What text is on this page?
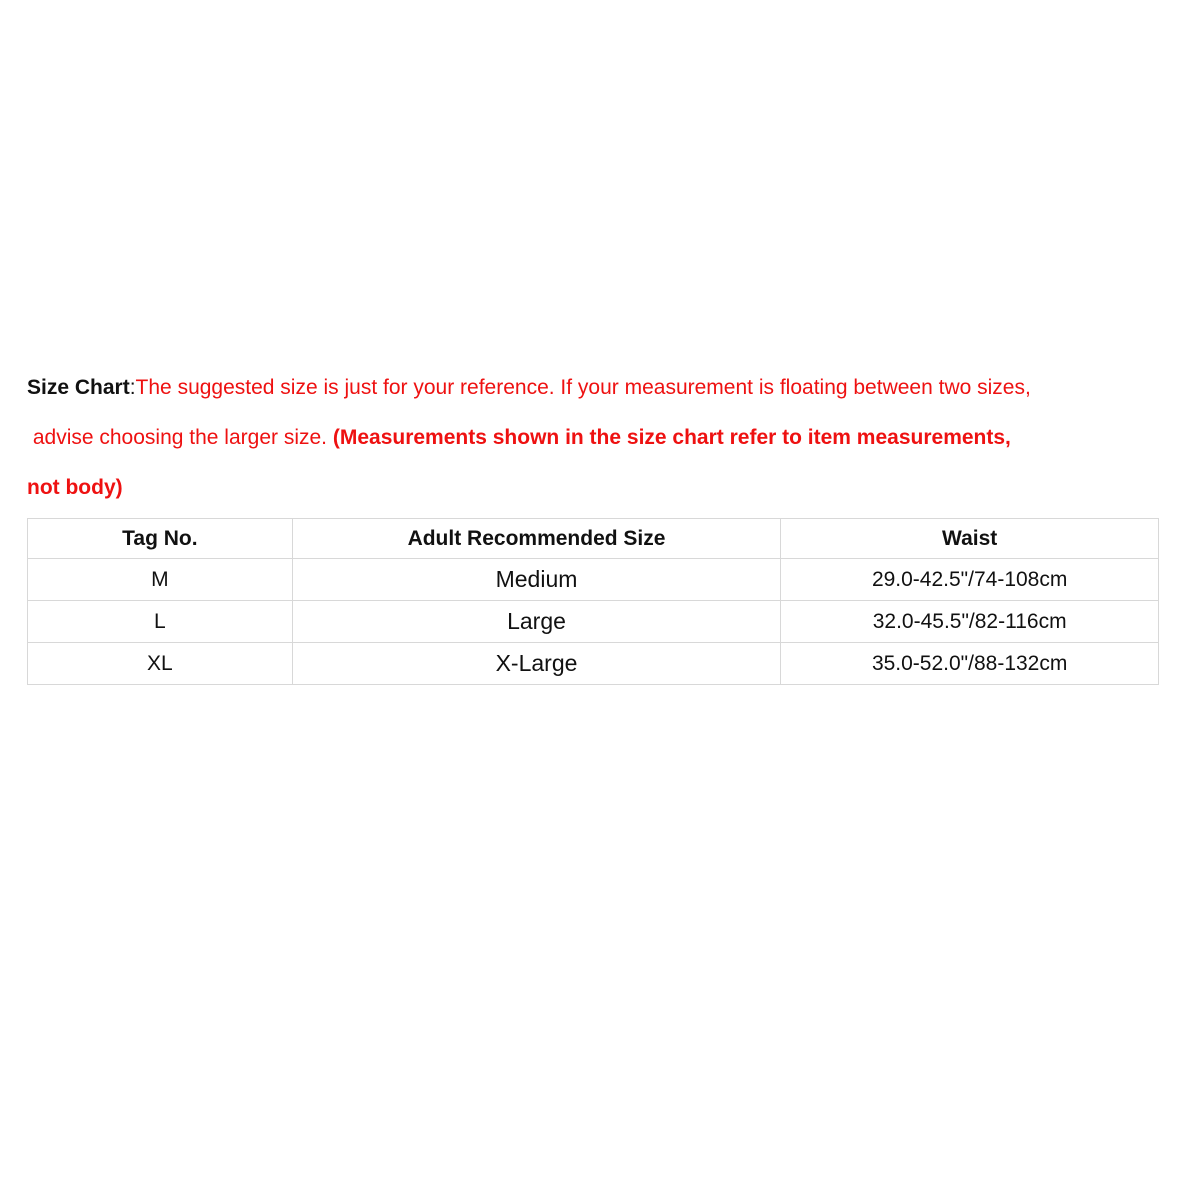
Size Chart:The suggested size is just for your reference. If your measurement is floating between two sizes,
advise choosing the larger size. (Measurements shown in the size chart refer to item measurements,
not body)
Tag No.	Adult Recommended Size	Waist
M	Medium	29.0-42.5"/74-108cm
L	Large	32.0-45.5"/82-116cm
XL	X-Large	35.0-52.0"/88-132cm
